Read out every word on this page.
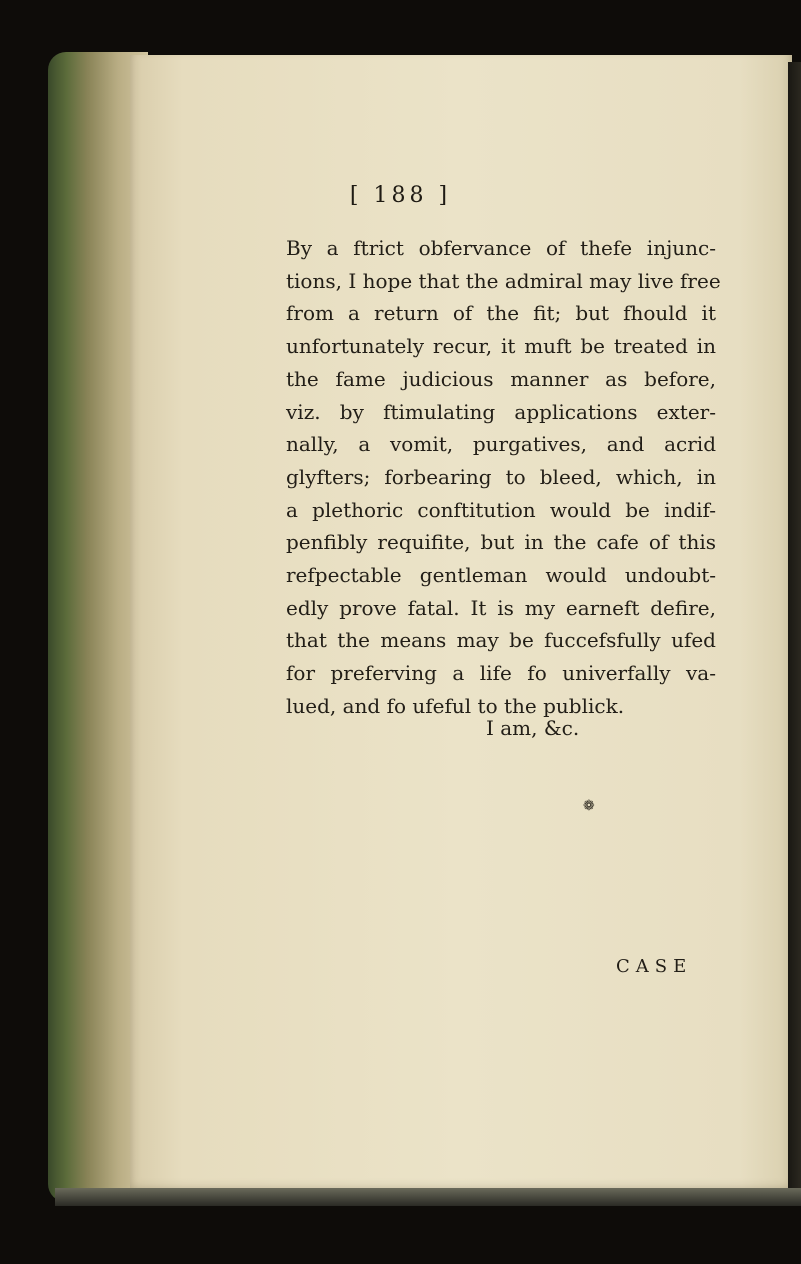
[ 188 ]
By a ftrict obfervance of thefe injunc-
tions, I hope that the admiral may live free
from a return of the fit; but fhould it
unfortunately recur, it muft be treated in
the fame judicious manner as before,
viz. by ftimulating applications exter-
nally, a vomit, purgatives, and acrid
glyfters; forbearing to bleed, which, in
a plethoric conftitution would be indif-
penfibly requifite, but in the cafe of this
refpectable gentleman would undoubt-
edly prove fatal. It is my earneft defire,
that the means may be fuccefsfully ufed
for preferving a life fo univerfally va-
lued, and fo ufeful to the publick.
I am, &c.
❁
CASE
